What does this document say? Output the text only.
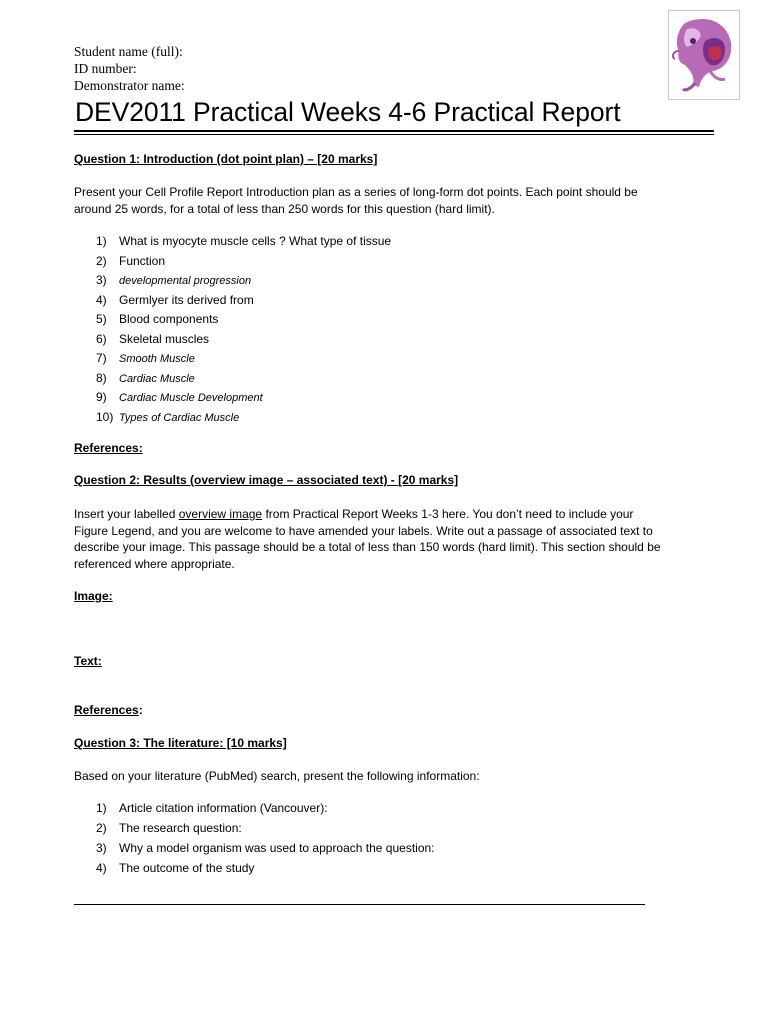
Student name (full):
ID number:
Demonstrator name:
DEV2011 Practical Weeks 4-6 Practical Report
Question 1: Introduction (dot point plan) – [20 marks]
Present your Cell Profile Report Introduction plan as a series of long-form dot points. Each point should be around 25 words, for a total of less than 250 words for this question (hard limit).
1) What is myocyte muscle cells ? What type of tissue
2) Function
3)developmental progression
4) Germlyer its derived from
5) Blood components
6) Skeletal muscles
7) Smooth Muscle
8) Cardiac Muscle
9) Cardiac Muscle Development
10) Types of Cardiac Muscle
References:
Question 2: Results (overview image – associated text) - [20 marks]
Insert your labelled overview image from Practical Report Weeks 1-3 here. You don’t need to include your Figure Legend, and you are welcome to have amended your labels. Write out a passage of associated text to describe your image. This passage should be a total of less than 150 words (hard limit). This section should be referenced where appropriate.
Image:
Text:
References:
Question 3: The literature: [10 marks]
Based on your literature (PubMed) search, present the following information:
1) Article citation information (Vancouver):
2) The research question:
3) Why a model organism was used to approach the question:
4) The outcome of the study
